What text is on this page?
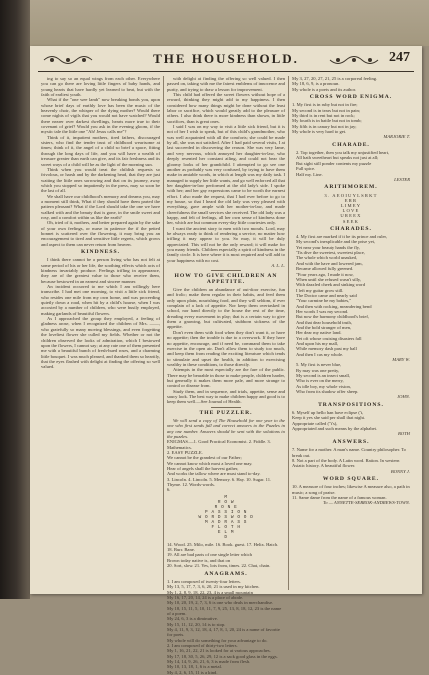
THE HOUSEHOLD.	247

ing to say so an equal wings from each other. Everywhere you can go there are loving little fingers of baby hands, and young hearts that have hardly yet learned to beat, but with the faith of earliest youth.

What if the "one wee lamb" now breaking bonds you, upon whose brief days of earthly love has been the music of the heavenly choir, the whisper of the dying mother? Would there come nights of vigils that you would not have watched? Would there nearer over darkest dwellings, hearts more true to their covenant of grief? Would you ask in the evening gloom, if the mystic tale the little one "Ah! Jesus calls me"?

Think of it, impatient mothers, tired fathers, discouraged sisters, who find the tender trust of childhood wearisome at times; think of it, the angel of a child so brief a space, fitting through the long days of life, and you will have a wealth of treasure greater than earth can give, and its fair freshness and its sweet ways of a child will be as the light of the morning sun.

Think when you would treat the childish requests so frivolous, or harsh and by the darkening head, that they are just waiting the little ones sorrowing and that on its journey, away which you stopped so impatiently in the press, may so soon be the last of all.

We shall have our childhood's memory and dreams you, may a moment still think, What if they should have them parted the pattern pleasant? What if the Lord should take the one we have walked with and the beauty that is gone, in the smile sweet and rosy, and a comfort within us like the earth?

Oh, tried of it, mothers, and better prepared again by the sake of your own feelings, or nurse in patience the if the petted bonnet is scattered over the flowering, it may bring you an encouragement to tired and sensitive little regrets, which grows and aspect to them can never return from heaven.

KINDNESS.

I think there cannot be a person living who has not felt at some period of his or her life, the soothing effects which acts of kindness invariably produce. Feelings trifling in appearance, they are of the greatest value to those who receive them, because bestowed in an earnest and sincere manner.

An incident occurred to me which I am willingly here transcribe. I had met one morning, to visit a little sick friend, who resides one mile from my own home, and was proceeding quietly down a road, when hit by a child's hoarse, when I was accosted by a number of children, who were busily employed, making garlands of beautiful flowers.

As I approached the group they employed, a feeling of gladness arose, when I recognized the children of Mrs. ——, who gratefully so many moving blessings, and even forgetting the loveliest flower she culled my fields. Whether or not the children observed the looks of admiration, which I bestowed upon the flowers, I cannot say; at any rate one of them presented me with a beautiful bunch of fresh-hued roses, and a charming little bouquet. I was much pleased, and thanked them so heartily, that the eyes flashed with delight at finding the offering so well valued.

with delight at finding the offering so well valued. I then passed on, taking with me the fairest emblems of innocence and purity, and trying to draw a lesson for improvement.

This child had offered the sweet flowers without hope of a reward, thinking they might add to my happiness. I then considered how many things might be done without the least labor or sacrifice, which would greatly add to the pleasure of others. I also think there is more kindness than shown, in little sacrifices, than is great ones.

I said I was on my way to visit a little sick friend, but it is not of her I wish to speak, but of this child's grandmother, who was well acquainted with all the comforts; she could be made by all, she was not satisfied. After I had paid several visits, I at last succeeded in discovering the reason. She was very lame, and very nervous, which annoyed her daughter-in-law, who deeply resented her constant ailing, and could not bear the gloomy looks of her grandchild. I attempted to go see one another as probably was very confused, by trying to have them make in amiable words, in which at length was my daily task. I managed to supply her little wants, and go well enforced all that her daughter-in-law performed at the old lady's side. I spoke with her; and her gay expressions came to be worth the earnest effort. I also made the request, that I had ever before to go to my house, so that I heard the old lady was very pleased with everything, gave ample with her mother-in-law, and made cheerfulness the small services she received. The old lady was a happy, and felt of feelings, all her own sense of kindness done her, which are but common every-day little courtesies only.

I want the ancient story to men with two morals. Lord, may be always ready to think of rendering a service, no matter how trifling it may appear to you. So may, it will be duly appreciated. This will not be the only reward; it will make for you many friends. Children especially a spirit of kindness in the family circle. It is here where it is most required and will add to your happiness with no cost.

A. L. L.

HOW TO GIVE CHILDREN AN APPETITE.

Give the children an abundance of out-door exercise, fun and frolic; make them regular in their habits, and feed them only upon plain, nourishing food, and they will seldom, if ever complain of a lack of appetite. Nor keep them overtasked in school, nor hand directly to the house the rest of the time, dreading every movement in play; that is a certain way to give them a gnawing, but cultivated, stubborn sickness of the appetite.

Don't even them with food when they don't want it, or have no appetite; then the trouble is due to a overwork. If they have no appetite, encourage, and if need be, command them to take exercise in the open air. Don't allow them to study too much, and keep them from reading the exciting literature which tends to stimulate and upset the health, in addition to exercising wealthy in these conditions, to those directly.

Attempts in the most especially are the fare of the public. There may be bearable in those to make people, children harder, but generally it makes them more pale, and more strange to control or disease from.

Study them, and in sequence, and trials, appetite, sense and saucy look. The best way to make children happy and good is to keep them well.—See Journal of Health.

THE PUZZLER.

We will send a copy of The Household for one year to the one who first sends full and correct answers to the Puzzles in any one number. Answers should be sent with the solutions to the puzzles.

ENIGMAS.—1. Good Practical Economist. 2. Fiddle. 3. Mathematics.

2. EASY PUZZLE.

We cannot be the grandest of our Father;

We cannot know which most a loved one may.

Hear of angels shall the harvest gather,

And works the tallow where are must stand to-day.

3. Lincoln. 4. Lincoln. 5. Memory. 6. Hay. 10. Sugar. 11. Thyme. 12. Words-words.

6.

M
R O W
R O N E
P A S S I O N
W O R D S W O O D
M A D R A S S
F L O T H
E L M
D

14. Wood. 25. Milo, mile. 16. Book. guest. 17. Helix. Hatch. 18. Burr. Bane.

19. All are bad parts of one single letter which

Brown today native is, and that on

20. Sort, slow. 21. Yes, lots from, times. 22. Chat, chain.

ANAGRAMS.

1. I am composed of twenty-four letters.

My 13, 5, 17, 7, 3, 6, 20, 21 is used in my kitchen.

My 1, 2, 8, 9, 18, 22, 23, 4 is a small mountain

My 16, 17, 20, 14, 24 is a place of abode.

My 10, 20, 19, 2, 7, 3, 6 is one who deals in merchandise.

My 18, 15, 11, 5, 10, 11, 7, 9, 25, 13, 8, 18, 12, 23 is the name of a poem.

My 24, 6, 3 is a diminutive.

My 15, 11, 12, 20, 14 is to stop.

My 4, 11, 9, 3, 12, 18, 4, 17, 8, 1, 20, 24 is a name of favorite for poets.

My whole will do something for your advantage to do.

2. I am composed of thirty-two letters.

My 1, 16, 21, 22, 21 is looked for at various approaches.

My 17, 18, 30, 5, 26, 29, 12 is a sack good glass in the eggs.

My 14, 14, 9, 26, 21, 6, 3 is made from flesh.

My 10, 13, 18, 1, 6 is a metal.

My 4, 2, 6, 15, 11 is a kind.

My 3, 27, 20, 27, 21, 25 is a corporeal feeling.

My 18, 6, 9, is a pronoun.

My whole is a poets and its author.

CROSS WORD ENIGMA.

1. My first is in ruby but not in fire;

My second is in tears but not in pain;

My third is in rent but not in rock;

My fourth is in battle but not in tomb;

My fifth is in canary but not in jay;

My whole is very hard to get.

MARJORIE T.

CHARADE.

2. Top together, then you talk my unjustified heart,

All hath sweetheart but speaks not just at all;

But sight still ponder contents my puzzle

Full spice.

Half my. Line.

LESTER

ARITHMOREM.
3. AEOIUYLSRKT
ERR
LIMEY
LOVE
UREEX
SEEK
CHARADES.

4. My first are marked if it be its prince and ruler,

My second's inexplicable and the prise yet,

Yet near your beauty hands the fly,

'Tis dive the sweetest, sweetest place,

The whole which world unasked,

And with the have and lowered jam,

Became allowed fully greened.

"Four years ago, I made it now,

When until she refused wasn't silly,

With dazzled cheek and sinking word

I left my guitar grow still.

The Doctor came and nearly said

"Your carmine be my babies,"

And then with rocking, meandering bend

Her words I was my second.

But now the harmony childhood's brief,

And that dear household truth,

And the bold stranger of men,

Her dear my native land.

Yet oft whose cruising disasters fall

And upon his my mall,

While memory dash past my ball

And then I cas my whole.

MARY W.

5. My first is never blue,

By may was one pretty,

My second is an insect small,

Who is ever on the merry,

As idle boy, my whole vision,

Who from its shadow offer sheep.

JOHN.

TRANSPOSITIONS.

6. Myself up hello han have eclipse ('t,

Keep it yes she said per shall that night.

Appropriate called ("t's),

Appropriated and such means by the alphabet.

BOTH

ANSWERS.

7. Name for a mother. A man's name. Country philosopher. To break out.

8. Not a part of the body. A Latin word. Ration. In western Asiatic history. A beautiful flower.

BONNY J.

WORD SQUARE.

10. A measure of four inches; likewise A measure also, a path in music; a song of praise.

11. Same dame from the name of a famous woman.

To — ANNETTE-SEBROK-ANDREWS-TOWN.
